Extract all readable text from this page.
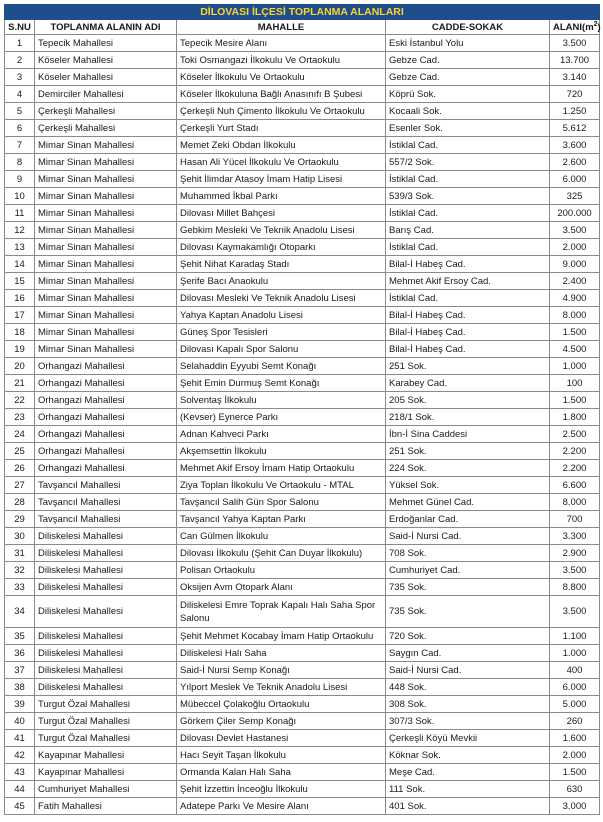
DİLOVASI İLÇESİ TOPLANMA ALANLARI				
S.NU	TOPLANMA ALANIN ADI	MAHALLE	CADDE-SOKAK	$ALANI(m^2)$
1	Tepecik Mahallesi	Tepecik Mesire Alanı	Eski İstanbul Yolu	3.500
2	Köseler Mahallesi	Toki Osmangazi İlkokulu Ve Ortaokulu	Gebze Cad.	13.700
3	Köseler Mahallesi	Köseler İlkokulu Ve Ortaokulu	Gebze Cad.	3.140
4	Demirciler Mahallesi	Köseler İlkokuluna Bağlı Anasınıfı B Şubesi	Köprü Sok.	720
5	Çerkeşli Mahallesi	Çerkeşli Nuh Çimento İlkokulu Ve Ortaokulu	Kocaali Sok.	1.250
6	Çerkeşli Mahallesi	Çerkeşli Yurt Stadı	Esenler Sok.	5.612
7	Mimar Sinan Mahallesi	Memet Zeki Obdan İlkokulu	İstiklal Cad.	3.600
8	Mimar Sinan Mahallesi	Hasan Ali Yücel İlkokulu Ve Ortaokulu	557/2 Sok.	2.600
9	Mimar Sinan Mahallesi	Şehit İlimdar Atasoy İmam Hatip Lisesi	İstiklal Cad.	6.000
10	Mimar Sinan Mahallesi	Muhammed İkbal Parkı	539/3 Sok.	325
11	Mimar Sinan Mahallesi	Dilovası Millet Bahçesi	İstiklal Cad.	200.000
12	Mimar Sinan Mahallesi	Gebkim Mesleki Ve Teknik Anadolu Lisesi	Barış Cad.	3.500
13	Mimar Sinan Mahallesi	Dilovası Kaymakamlığı Otoparkı	İstiklal Cad.	2.000
14	Mimar Sinan Mahallesi	Şehit Nihat Karadaş Stadı	Bilal-İ Habeş Cad.	9.000
15	Mimar Sinan Mahallesi	Şerife Bacı Anaokulu	Mehmet Akif Ersoy Cad.	2.400
16	Mimar Sinan Mahallesi	Dilovası Mesleki Ve Teknik Anadolu Lisesi	İstiklal Cad.	4.900
17	Mimar Sinan Mahallesi	Yahya Kaptan Anadolu Lisesi	Bilal-İ Habeş Cad.	8.000
18	Mimar Sinan Mahallesi	Güneş Spor Tesisleri	Bilal-İ Habeş Cad.	1.500
19	Mimar Sinan Mahallesi	Dilovası Kapalı Spor Salonu	Bilal-İ Habeş Cad.	4.500
20	Orhangazi Mahallesi	Selahaddin Eyyubi Semt Konağı	251 Sok.	1.000
21	Orhangazi Mahallesi	Şehit Emin Durmuş Semt Konağı	Karabey Cad.	100
22	Orhangazi Mahallesi	Solventaş İlkokulu	205 Sok.	1.500
23	Orhangazi Mahallesi	(Kevser) Eynerce Parkı	218/1 Sok.	1.800
24	Orhangazi Mahallesi	Adnan Kahveci Parkı	İbn-İ Sina Caddesi	2.500
25	Orhangazi Mahallesi	Akşemsettin İlkokulu	251 Sok.	2.200
26	Orhangazi Mahallesi	Mehmet Akif Ersoy İmam Hatip Ortaokulu	224 Sok.	2.200
27	Tavşancıl Mahallesi	Ziya Toplan İlkokulu Ve Ortaokulu - MTAL	Yüksel Sok.	6.600
28	Tavşancıl Mahallesi	Tavşancıl Salih Gün Spor Salonu	Mehmet Günel Cad.	8.000
29	Tavşancıl Mahallesi	Tavşancıl Yahya Kaptan Parkı	Erdoğanlar Cad.	700
30	Diliskelesi Mahallesi	Can Gülmen İlkokulu	Said-İ Nursi Cad.	3.300
31	Diliskelesi Mahallesi	Dilovası İlkokulu (Şehit Can Duyar İlkokulu)	708 Sok.	2.900
32	Diliskelesi Mahallesi	Polisan Ortaokulu	Cumhuriyet Cad.	3.500
33	Diliskelesi Mahallesi	Oksijen Avm Otopark Alanı	735 Sok.	8.800
34	Diliskelesi Mahallesi	Diliskelesi Emre Toprak Kapalı Halı Saha Spor Salonu	735 Sok.	3.500
35	Diliskelesi Mahallesi	Şehit Mehmet Kocabay İmam Hatip Ortaokulu	720 Sok.	1.100
36	Diliskelesi Mahallesi	Diliskelesi Halı Saha	Saygın Cad.	1.000
37	Diliskelesi Mahallesi	Said-İ Nursi Semp Konağı	Said-İ Nursi Cad.	400
38	Diliskelesi Mahallesi	Yılport Meslek Ve Teknik Anadolu Lisesi	448 Sok.	6.000
39	Turgut Özal Mahallesi	Mübeccel Çolakoğlu Ortaokulu	308 Sok.	5.000
40	Turgut Özal Mahallesi	Görkem Çiler Semp Konağı	307/3 Sok.	260
41	Turgut Özal Mahallesi	Dilovası Devlet Hastanesi	Çerkeşli Köyü Mevkii	1.600
42	Kayapınar Mahallesi	Hacı Seyit Taşan İlkokulu	Köknar Sok.	2.000
43	Kayapınar Mahallesi	Ormanda Kalan Halı Saha	Meşe Cad.	1.500
44	Cumhuriyet Mahallesi	Şehit İzzettin İnceoğlu İlkokulu	111 Sok.	630
45	Fatih Mahallesi	Adatepe Parkı Ve Mesire Alanı	401 Sok.	3.000
